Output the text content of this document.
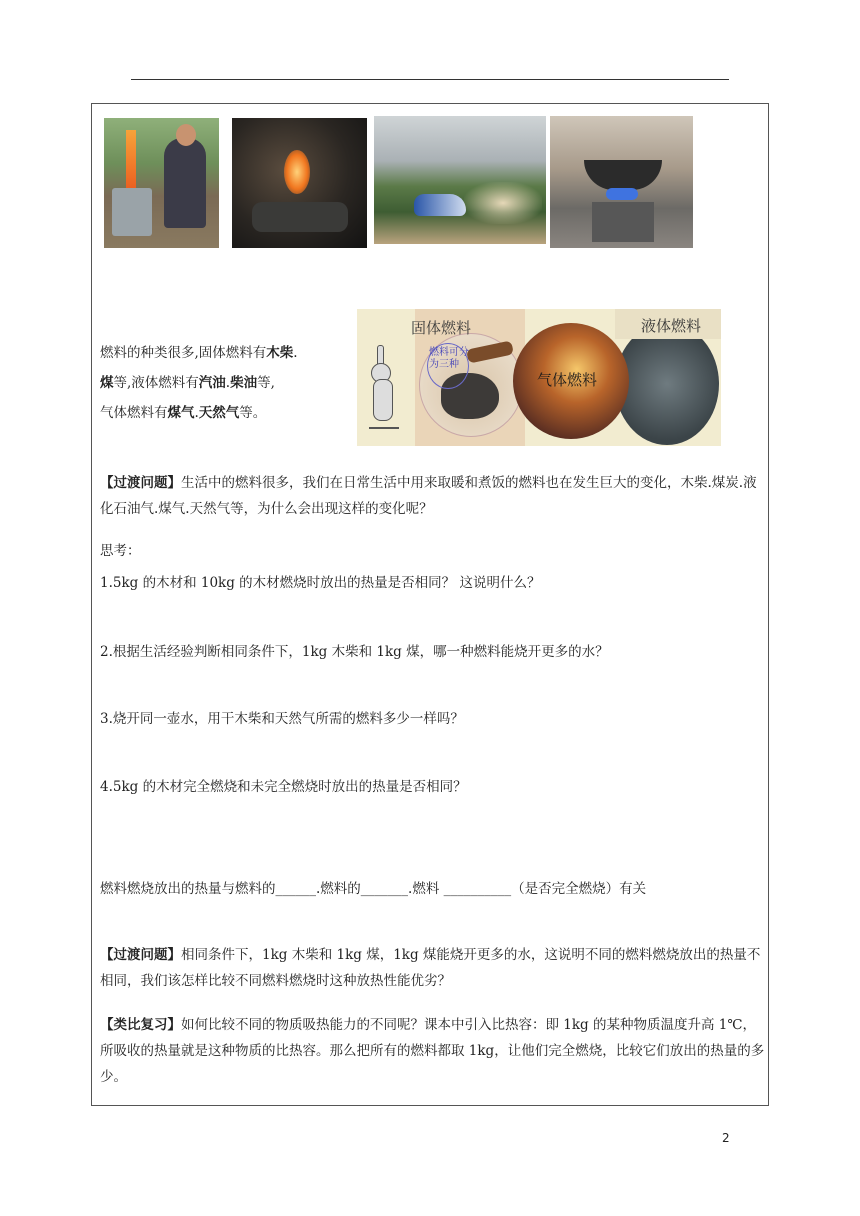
燃料的种类很多,固体燃料有木柴.
煤等,液体燃料有汽油.柴油等,
气体燃料有煤气.天然气等。
固体燃料
燃料可分为三种
液体燃料
气体燃料
【过渡问题】生活中的燃料很多，我们在日常生活中用来取暖和煮饭的燃料也在发生巨大的变化，木柴.煤炭.液化石油气.煤气.天然气等，为什么会出现这样的变化呢？
思考：
1.5kg 的木材和 10kg 的木材燃烧时放出的热量是否相同？ 这说明什么？
2.根据生活经验判断相同条件下，1kg 木柴和 1kg 煤，哪一种燃料能烧开更多的水？
3.烧开同一壶水，用干木柴和天然气所需的燃料多少一样吗？
4.5kg 的木材完全燃烧和未完全燃烧时放出的热量是否相同？
燃料燃烧放出的热量与燃料的______.燃料的_______.燃料 __________（是否完全燃烧）有关
【过渡问题】相同条件下，1kg 木柴和 1kg 煤，1kg 煤能烧开更多的水，这说明不同的燃料燃烧放出的热量不相同，我们该怎样比较不同燃料燃烧时这种放热性能优劣？
【类比复习】如何比较不同的物质吸热能力的不同呢？课本中引入比热容：即 1kg 的某种物质温度升高 1℃，所吸收的热量就是这种物质的比热容。那么把所有的燃料都取 1kg，让他们完全燃烧，比较它们放出的热量的多少。
2
